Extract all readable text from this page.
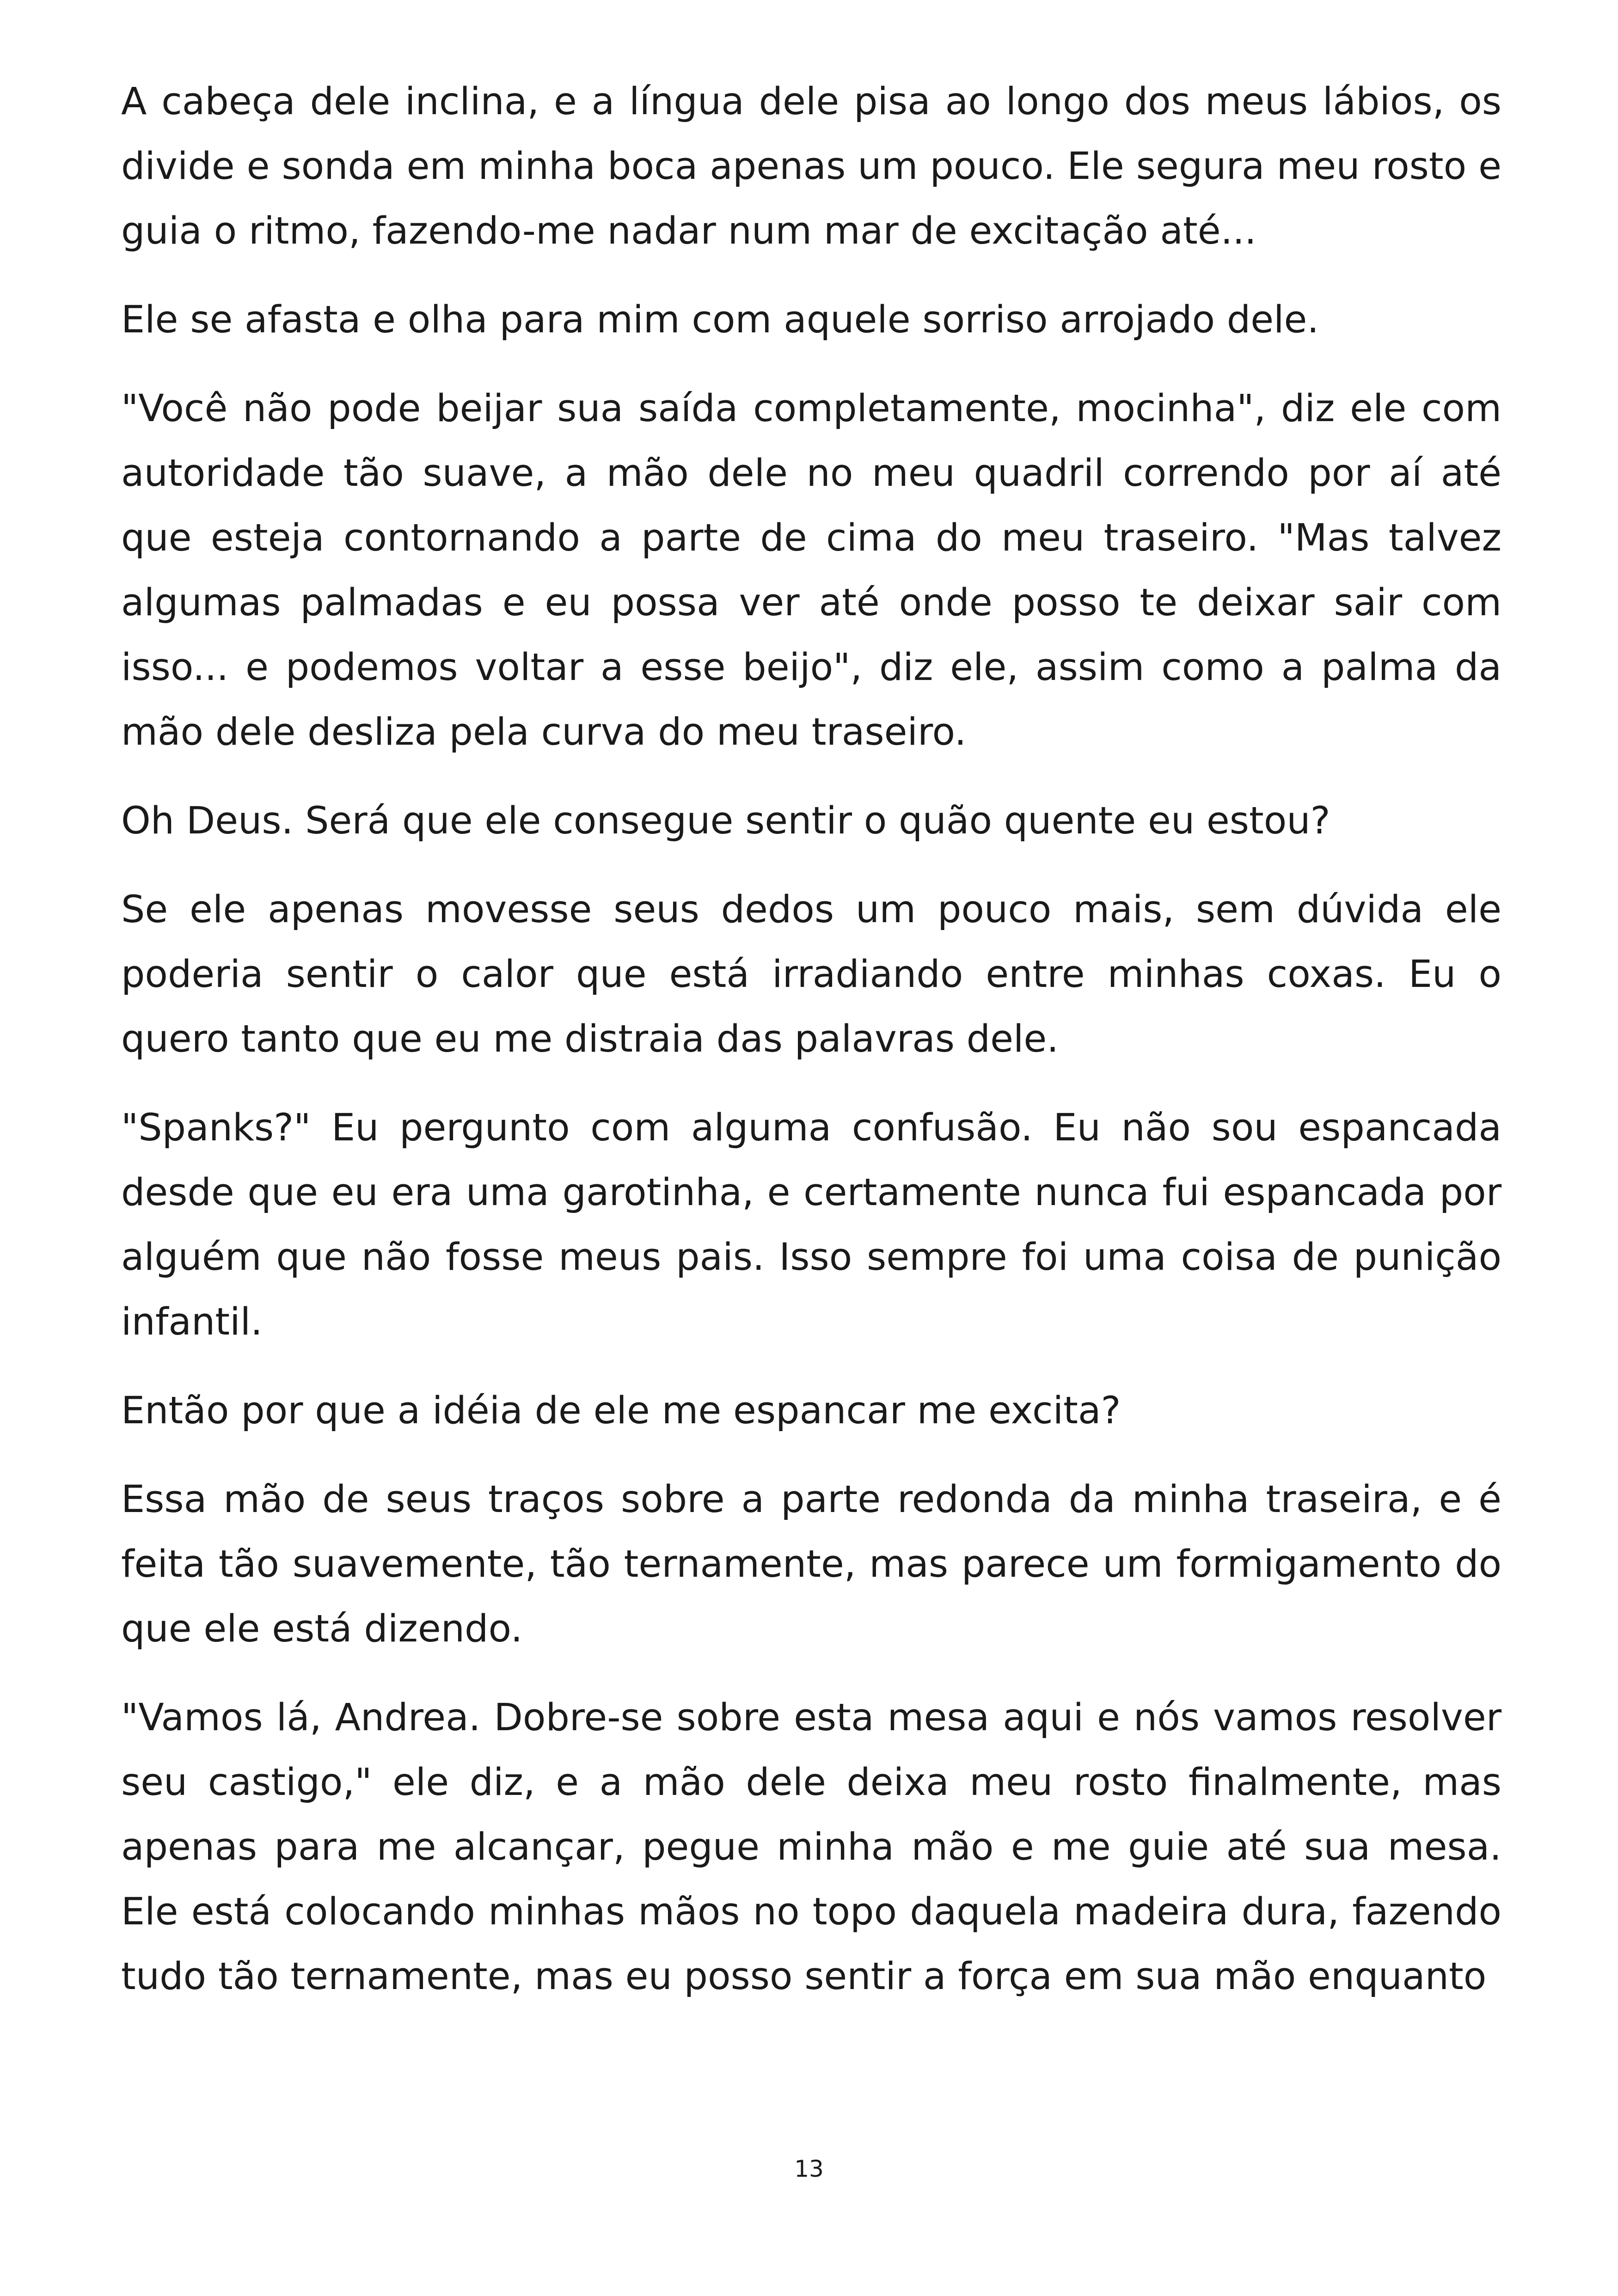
A cabeça dele inclina, e a língua dele pisa ao longo dos meus lábios, os divide e sonda em minha boca apenas um pouco. Ele segura meu rosto e guia o ritmo, fazendo-me nadar num mar de excitação até...

Ele se afasta e olha para mim com aquele sorriso arrojado dele.

"Você não pode beijar sua saída completamente, mocinha", diz ele com autoridade tão suave, a mão dele no meu quadril correndo por aí até que esteja contornando a parte de cima do meu traseiro. "Mas talvez algumas palmadas e eu possa ver até onde posso te deixar sair com isso... e podemos voltar a esse beijo", diz ele, assim como a palma da mão dele desliza pela curva do meu traseiro.

Oh Deus. Será que ele consegue sentir o quão quente eu estou?

Se ele apenas movesse seus dedos um pouco mais, sem dúvida ele poderia sentir o calor que está irradiando entre minhas coxas. Eu o quero tanto que eu me distraia das palavras dele.

"Spanks?" Eu pergunto com alguma confusão. Eu não sou espancada desde que eu era uma garotinha, e certamente nunca fui espancada por alguém que não fosse meus pais. Isso sempre foi uma coisa de punição infantil.

Então por que a idéia de ele me espancar me excita?

Essa mão de seus traços sobre a parte redonda da minha traseira, e é feita tão suavemente, tão ternamente, mas parece um formigamento do que ele está dizendo.

"Vamos lá, Andrea. Dobre-se sobre esta mesa aqui e nós vamos resolver seu castigo," ele diz, e a mão dele deixa meu rosto finalmente, mas apenas para me alcançar, pegue minha mão e me guie até sua mesa. Ele está colocando minhas mãos no topo daquela madeira dura, fazendo tudo tão ternamente, mas eu posso sentir a força em sua mão enquanto

13
